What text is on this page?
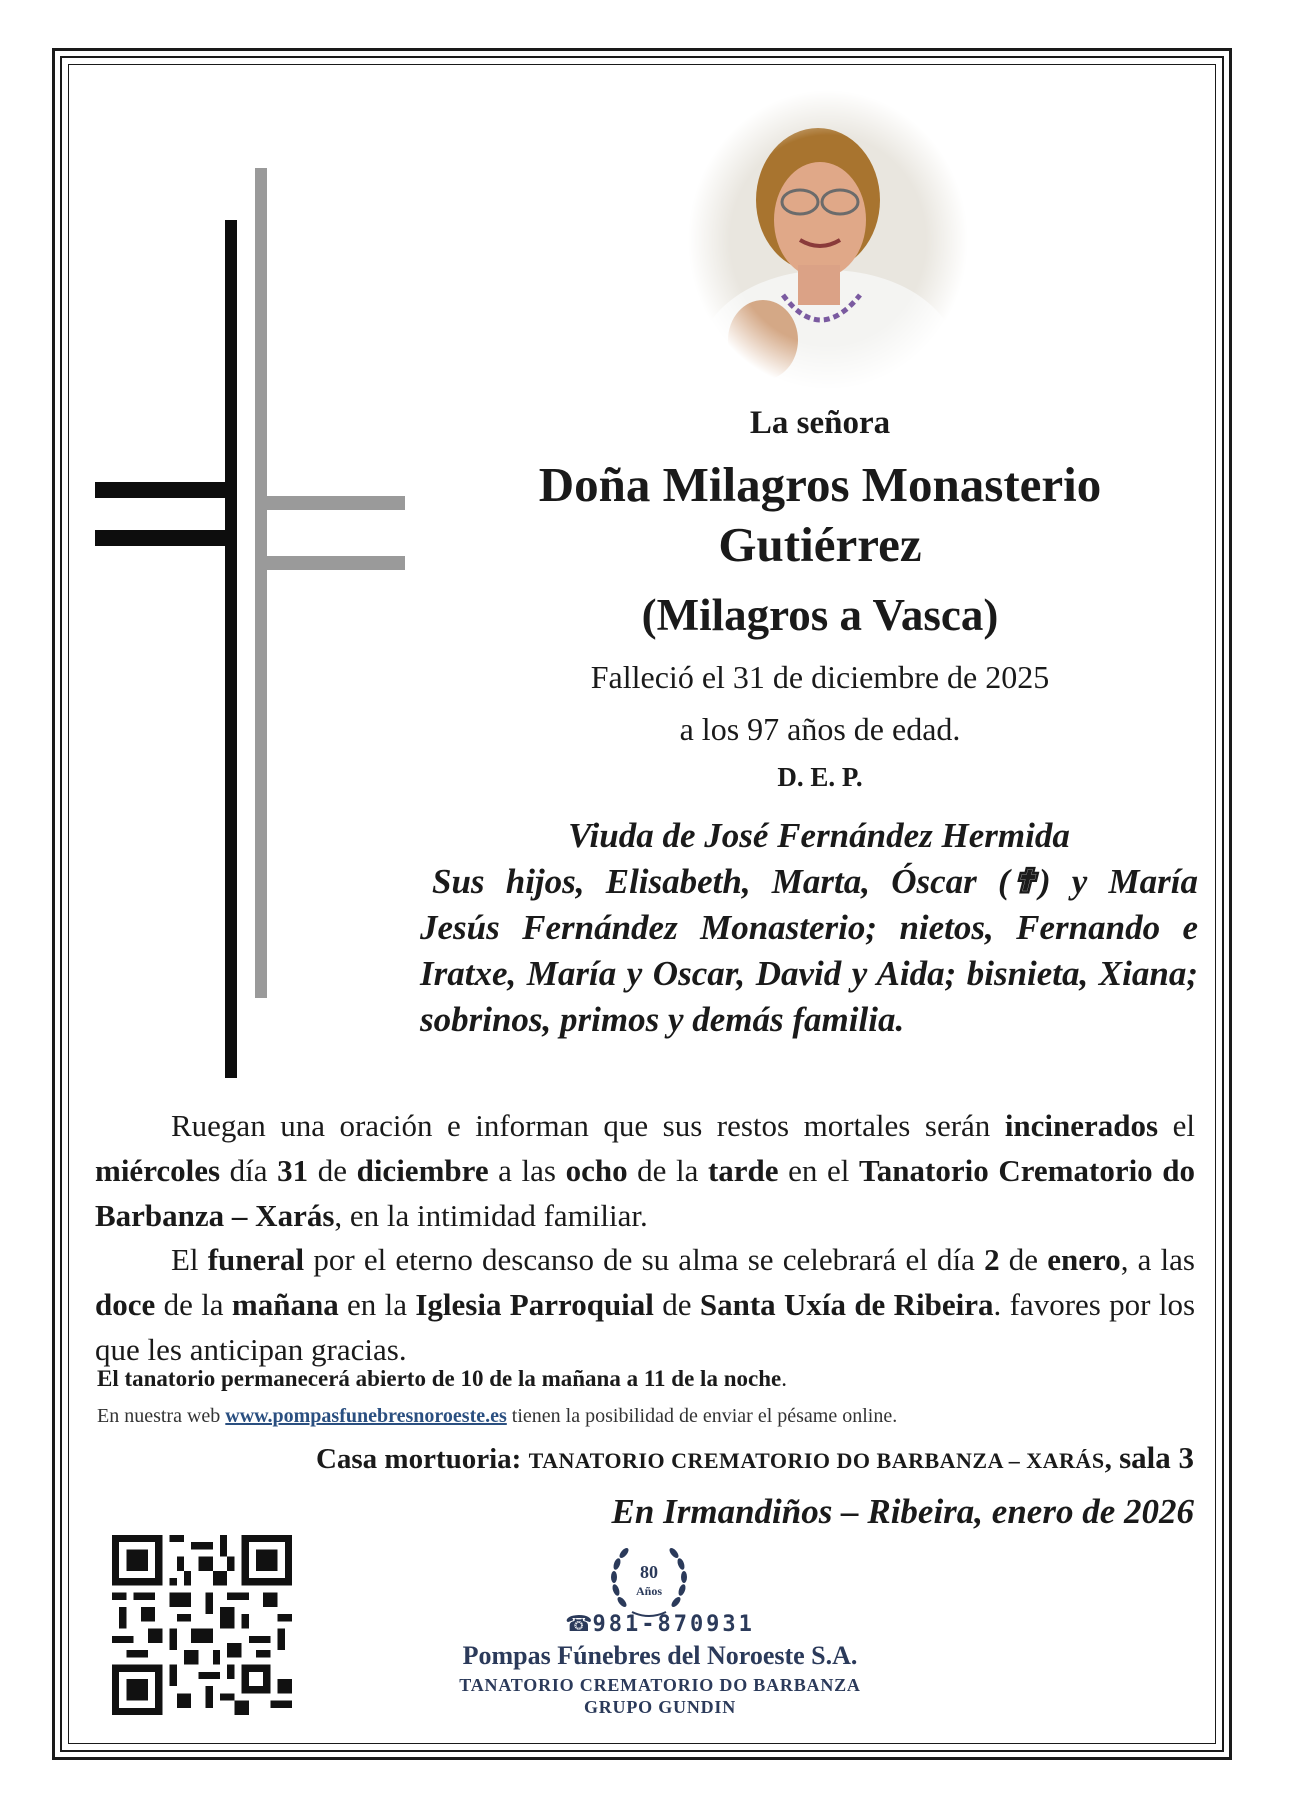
La señora

Doña Milagros Monasterio Gutiérrez

(Milagros a Vasca)

Falleció el 31 de diciembre de 2025
a los 97 años de edad.

D. E. P.

Viuda de José Fernández Hermida
Sus hijos, Elisabeth, Marta, Óscar (✟) y María Jesús Fernández Monasterio; nietos, Fernando e Iratxe, María y Oscar, David y Aida; bisnieta, Xiana; sobrinos, primos y demás familia.

Ruegan una oración e informan que sus restos mortales serán incinerados el miércoles día 31 de diciembre a las ocho de la tarde en el Tanatorio Crematorio do Barbanza – Xarás, en la intimidad familiar.

El funeral por el eterno descanso de su alma se celebrará el día 2 de enero, a las doce de la mañana en la Iglesia Parroquial de Santa Uxía de Ribeira. favores por los que les anticipan gracias.

El tanatorio permanecerá abierto de 10 de la mañana a 11 de la noche.

En nuestra web www.pompasfunebresnoroeste.es tienen la posibilidad de enviar el pésame online.

Casa mortuoria: TANATORIO CREMATORIO DO BARBANZA – XARÁS, sala 3

En Irmandiños – Ribeira, enero de 2026

80
Años

☎981-870931

Pompas Fúnebres del Noroeste S.A.

TANATORIO CREMATORIO DO BARBANZA

GRUPO GUNDIN
